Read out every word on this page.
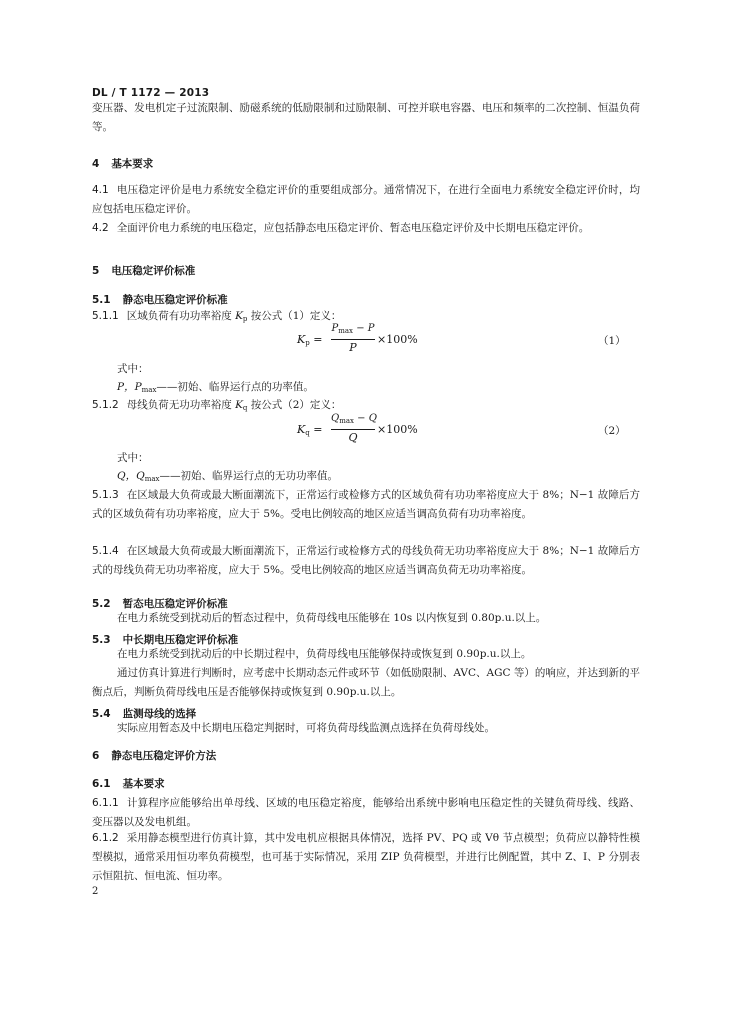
DL / T 1172 — 2013
变压器、发电机定子过流限制、励磁系统的低励限制和过励限制、可控并联电容器、电压和频率的二次控制、恒温负荷等。
4 基本要求
4.1 电压稳定评价是电力系统安全稳定评价的重要组成部分。通常情况下，在进行全面电力系统安全稳定评价时，均应包括电压稳定评价。
4.2 全面评价电力系统的电压稳定，应包括静态电压稳定评价、暂态电压稳定评价及中长期电压稳定评价。
5 电压稳定评价标准
5.1 静态电压稳定评价标准
5.1.1 区域负荷有功功率裕度 $K_p$ 按公式（1）定义：
$K_p$ =
$P_{max} - P$
P
×100%	（1）
式中：
P，$P_{max}——$初始、临界运行点的功率值。
5.1.2 母线负荷无功功率裕度 $K_q$ 按公式（2）定义：
$K_q$ =
$Q_{max} - Q$
Q
×100%	（2）
式中：
Q，$Q_{max}——$初始、临界运行点的无功功率值。
5.1.3 在区域最大负荷或最大断面潮流下，正常运行或检修方式的区域负荷有功功率裕度应大于 8%；N−1 故障后方式的区域负荷有功功率裕度，应大于 5%。受电比例较高的地区应适当调高负荷有功功率裕度。
5.1.4 在区域最大负荷或最大断面潮流下，正常运行或检修方式的母线负荷无功功率裕度应大于 8%；N−1 故障后方式的母线负荷无功功率裕度，应大于 5%。受电比例较高的地区应适当调高负荷无功功率裕度。
5.2 暂态电压稳定评价标准
在电力系统受到扰动后的暂态过程中，负荷母线电压能够在 10s 以内恢复到 0.80p.u.以上。
5.3 中长期电压稳定评价标准
在电力系统受到扰动后的中长期过程中，负荷母线电压能够保持或恢复到 0.90p.u.以上。
通过仿真计算进行判断时，应考虑中长期动态元件或环节（如低励限制、AVC、AGC 等）的响应，并达到新的平衡点后，判断负荷母线电压是否能够保持或恢复到 0.90p.u.以上。
5.4 监测母线的选择
实际应用暂态及中长期电压稳定判据时，可将负荷母线监测点选择在负荷母线处。
6 静态电压稳定评价方法
6.1 基本要求
6.1.1 计算程序应能够给出单母线、区域的电压稳定裕度，能够给出系统中影响电压稳定性的关键负荷母线、线路、变压器以及发电机组。
6.1.2 采用静态模型进行仿真计算，其中发电机应根据具体情况，选择 PV、PQ 或 Vθ 节点模型；负荷应以静特性模型模拟，通常采用恒功率负荷模型，也可基于实际情况，采用 ZIP 负荷模型，并进行比例配置，其中 Z、I、P 分别表示恒阻抗、恒电流、恒功率。
2
